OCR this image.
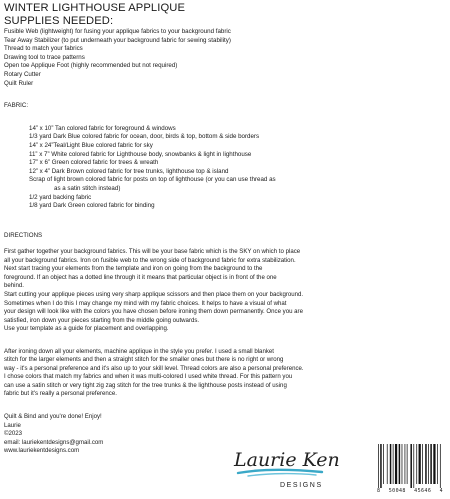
WINTER LIGHTHOUSE APPLIQUE
SUPPLIES NEEDED:
Fusible Web (lightweight) for fusing your applique fabrics to your background fabric
Tear Away Stabilizer (to put underneath your background fabric for sewing stability)
Thread to match your fabrics
Drawing tool to trace patterns
Open toe Applique Foot (highly recommended but not required)
Rotary Cutter
Quilt Ruler
FABRIC:
14” x 10” Tan colored fabric for foreground & windows
1/3 yard Dark Blue colored fabric for ocean, door, birds & top, bottom & side borders
14” x 24”Teal/Light Blue colored fabric for sky
11” x 7” White colored fabric for Lighthouse body, snowbanks & light in lighthouse
17” x 6” Green colored fabric for trees & wreath
12” x 4” Dark Brown colored fabric for tree trunks, lighthouse top & island
Scrap of light brown colored fabric for posts on top of lighthouse (or you can use thread as
as a satin stitch instead)
1/2 yard backing fabric
1/8 yard Dark Green colored fabric for binding
DIRECTIONS
First gather together your background fabrics. This will be your base fabric which is the SKY on which to place
all your background fabrics. Iron on fusible web to the wrong side of background fabric for extra stabilization.
Next start tracing your elements from the template and iron on going from the background to the
foreground. If an object has a dotted line through it it means that particular object is in front of the one
behind.
Start cutting your applique pieces using very sharp applique scissors and then place them on your background.
Sometimes when I do this I may change my mind with my fabric choices. It helps to have a visual of what
your design will look like with the colors you have chosen before ironing them down permanently. Once you are
satisfied, iron down your pieces starting from the middle going outwards.
Use your template as a guide for placement and overlapping.
After ironing down all your elements, machine applique in the style you prefer. I used a small blanket
stitch for the larger elements and then a straight stitch for the smaller ones but there is no right or wrong
way - it's a personal preference and it's also up to your skill level. Thread colors are also a personal preference.
I chose colors that match my fabrics and when it was multi-colored I used white thread. For this pattern you
can use a satin stitch or very tight zig zag stitch for the tree trunks & the lighthouse posts instead of using
fabric but it's really a personal preference.
Quilt & Bind and you're done! Enjoy!
Laurie
©2023
email: lauriekentdesigns@gmail.com
www.lauriekentdesigns.com	Laurie Kent
DESIGNS
8 50048 45646 4
